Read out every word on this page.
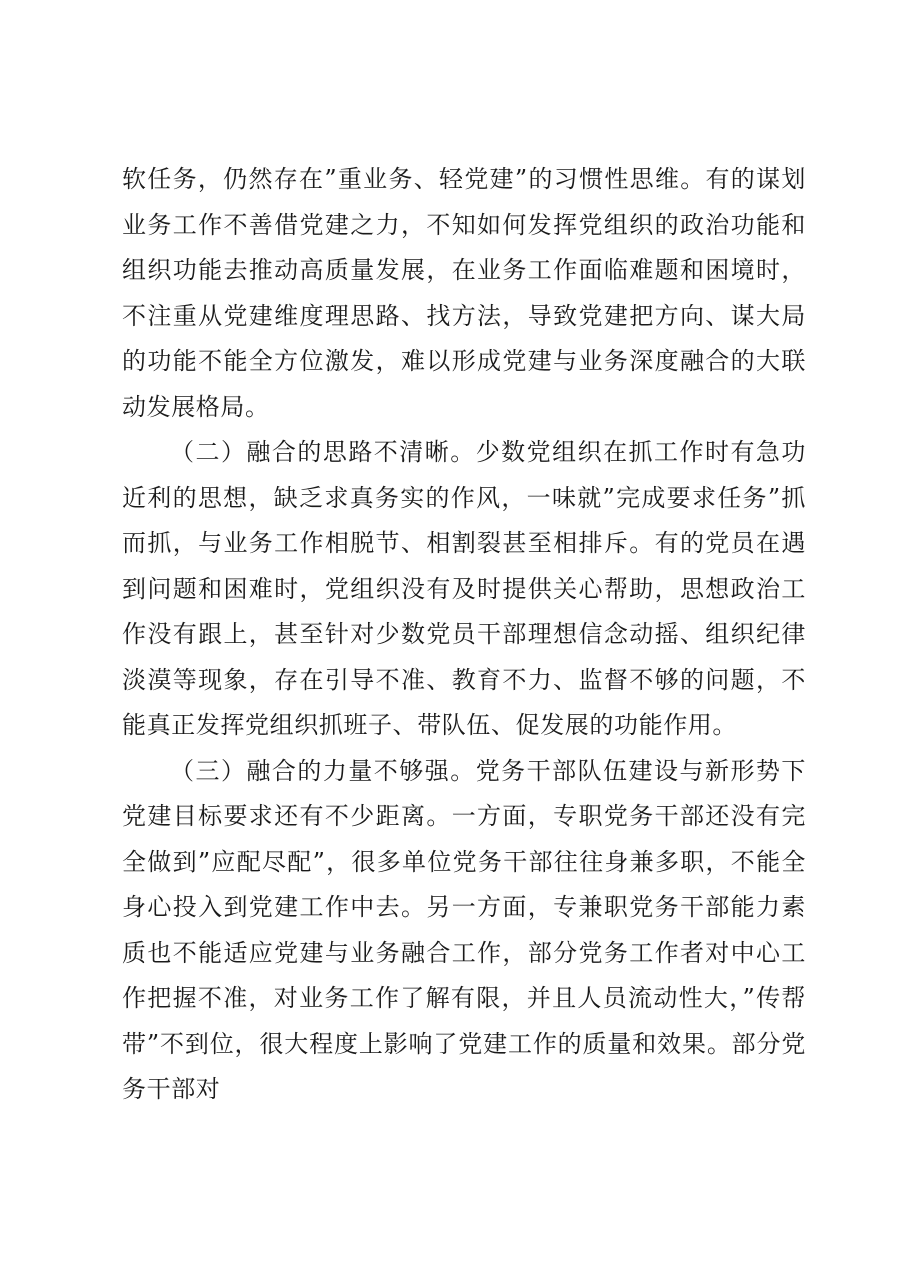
软任务，仍然存在”重业务、轻党建”的习惯性思维。有的谋划业务工作不善借党建之力，不知如何发挥党组织的政治功能和组织功能去推动高质量发展，在业务工作面临难题和困境时，不注重从党建维度理思路、找方法，导致党建把方向、谋大局的功能不能全方位激发，难以形成党建与业务深度融合的大联动发展格局。

（二）融合的思路不清晰。少数党组织在抓工作时有急功近利的思想，缺乏求真务实的作风，一味就”完成要求任务”抓而抓，与业务工作相脱节、相割裂甚至相排斥。有的党员在遇到问题和困难时，党组织没有及时提供关心帮助，思想政治工作没有跟上，甚至针对少数党员干部理想信念动摇、组织纪律淡漠等现象，存在引导不准、教育不力、监督不够的问题，不能真正发挥党组织抓班子、带队伍、促发展的功能作用。

（三）融合的力量不够强。党务干部队伍建设与新形势下党建目标要求还有不少距离。一方面，专职党务干部还没有完全做到”应配尽配”，很多单位党务干部往往身兼多职，不能全身心投入到党建工作中去。另一方面，专兼职党务干部能力素质也不能适应党建与业务融合工作，部分党务工作者对中心工作把握不准，对业务工作了解有限，并且人员流动性大，”传帮带”不到位，很大程度上影响了党建工作的质量和效果。部分党务干部对
